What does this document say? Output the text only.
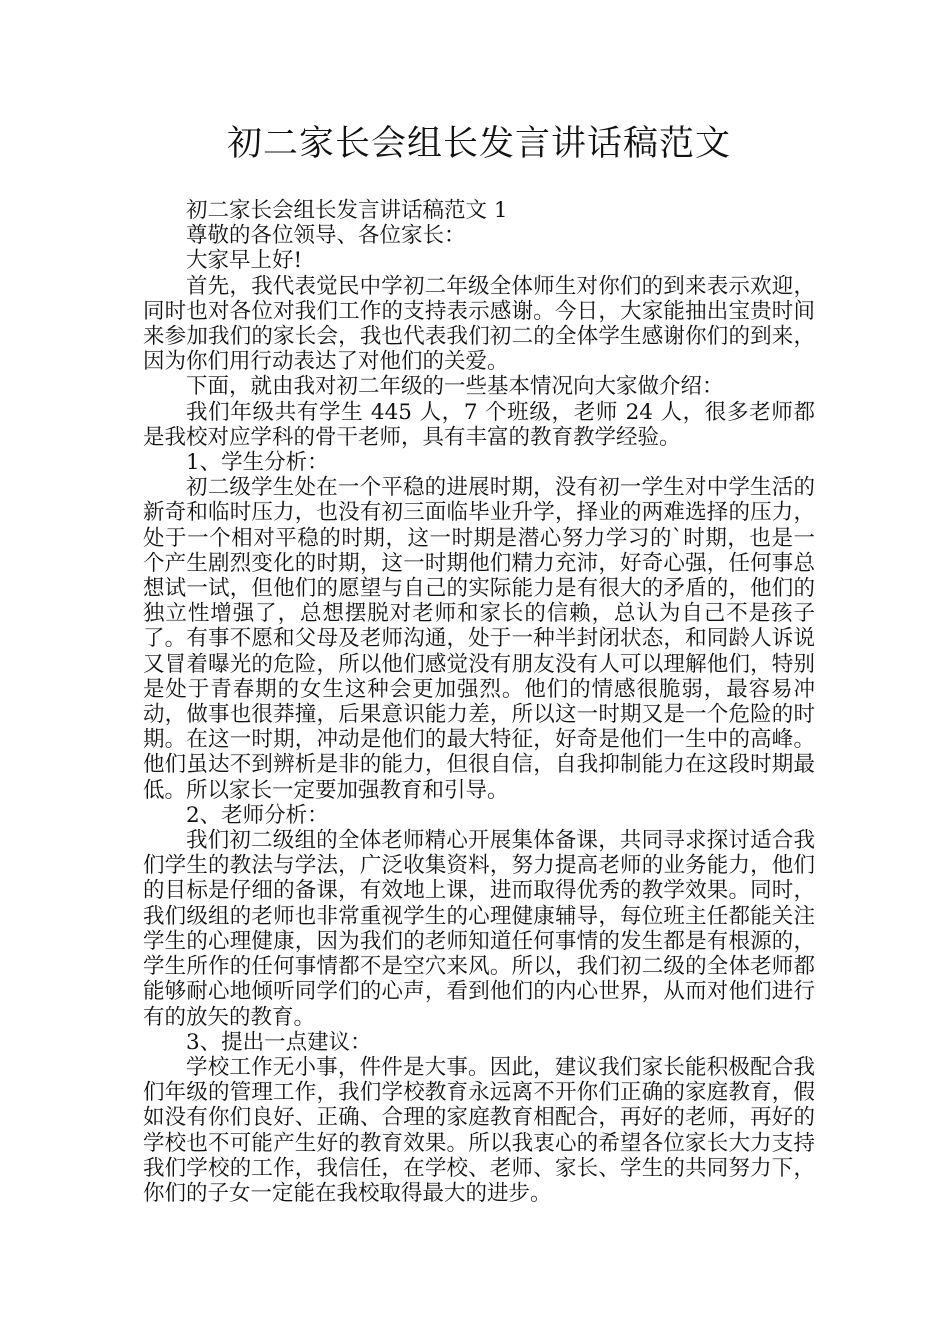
初二家长会组长发言讲话稿范文

初二家长会组长发言讲话稿范文 1

尊敬的各位领导、各位家长：

大家早上好!

首先，我代表觉民中学初二年级全体师生对你们的到来表示欢迎，同时也对各位对我们工作的支持表示感谢。今日，大家能抽出宝贵时间来参加我们的家长会，我也代表我们初二的全体学生感谢你们的到来，因为你们用行动表达了对他们的关爱。

下面，就由我对初二年级的一些基本情况向大家做介绍：

我们年级共有学生 445 人，7 个班级，老师 24 人，很多老师都是我校对应学科的骨干老师，具有丰富的教育教学经验。

1、学生分析：

初二级学生处在一个平稳的进展时期，没有初一学生对中学生活的新奇和临时压力，也没有初三面临毕业升学，择业的两难选择的压力，处于一个相对平稳的时期，这一时期是潜心努力学习的`时期，也是一个产生剧烈变化的时期，这一时期他们精力充沛，好奇心强，任何事总想试一试，但他们的愿望与自己的实际能力是有很大的矛盾的，他们的独立性增强了，总想摆脱对老师和家长的信赖，总认为自己不是孩子了。有事不愿和父母及老师沟通，处于一种半封闭状态，和同龄人诉说又冒着曝光的危险，所以他们感觉没有朋友没有人可以理解他们，特别是处于青春期的女生这种会更加强烈。他们的情感很脆弱，最容易冲动，做事也很莽撞，后果意识能力差，所以这一时期又是一个危险的时期。在这一时期，冲动是他们的最大特征，好奇是他们一生中的高峰。他们虽达不到辨析是非的能力，但很自信，自我抑制能力在这段时期最低。所以家长一定要加强教育和引导。

2、老师分析：

我们初二级组的全体老师精心开展集体备课，共同寻求探讨适合我们学生的教法与学法，广泛收集资料，努力提高老师的业务能力，他们的目标是仔细的备课，有效地上课，进而取得优秀的教学效果。同时，我们级组的老师也非常重视学生的心理健康辅导，每位班主任都能关注学生的心理健康，因为我们的老师知道任何事情的发生都是有根源的，学生所作的任何事情都不是空穴来风。所以，我们初二级的全体老师都能够耐心地倾听同学们的心声，看到他们的内心世界，从而对他们进行有的放矢的教育。

3、提出一点建议：

学校工作无小事，件件是大事。因此，建议我们家长能积极配合我们年级的管理工作，我们学校教育永远离不开你们正确的家庭教育，假如没有你们良好、正确、合理的家庭教育相配合，再好的老师，再好的学校也不可能产生好的教育效果。所以我衷心的希望各位家长大力支持我们学校的工作，我信任，在学校、老师、家长、学生的共同努力下，你们的子女一定能在我校取得最大的进步。
